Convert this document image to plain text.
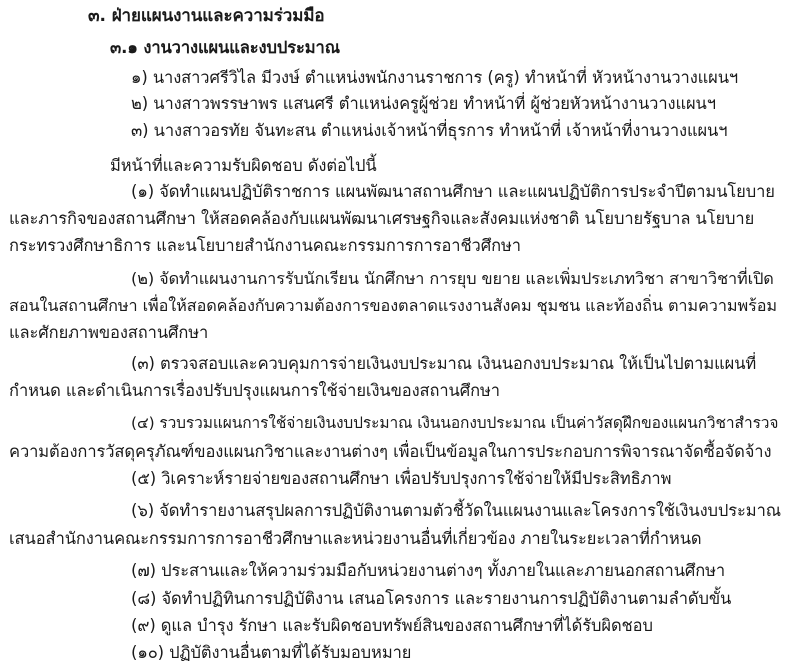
๓. ฝ่ายแผนงานและความร่วมมือ
๓.๑ งานวางแผนและงบประมาณ
๑) นางสาวศรีวิไล มีวงษ์ ตำแหน่งพนักงานราชการ (ครู) ทำหน้าที่ หัวหน้างานวางแผนฯ
๒) นางสาวพรรษาพร แสนศรี ตำแหน่งครูผู้ช่วย ทำหน้าที่ ผู้ช่วยหัวหน้างานวางแผนฯ
๓) นางสาวอรทัย จันทะสน ตำแหน่งเจ้าหน้าที่ธุรการ ทำหน้าที่ เจ้าหน้าที่งานวางแผนฯ
มีหน้าที่และความรับผิดชอบ ดังต่อไปนี้
(๑) จัดทำแผนปฏิบัติราชการ แผนพัฒนาสถานศึกษา และแผนปฏิบัติการประจำปีตามนโยบาย
และภารกิจของสถานศึกษา ให้สอดคล้องกับแผนพัฒนาเศรษฐกิจและสังคมแห่งชาติ นโยบายรัฐบาล นโยบาย
กระทรวงศึกษาธิการ และนโยบายสำนักงานคณะกรรมการการอาชีวศึกษา
(๒) จัดทำแผนงานการรับนักเรียน นักศึกษา การยุบ ขยาย และเพิ่มประเภทวิชา สาขาวิชาที่เปิด
สอนในสถานศึกษา เพื่อให้สอดคล้องกับความต้องการของตลาดแรงงานสังคม ชุมชน และท้องถิ่น ตามความพร้อม
และศักยภาพของสถานศึกษา
(๓) ตรวจสอบและควบคุมการจ่ายเงินงบประมาณ เงินนอกงบประมาณ ให้เป็นไปตามแผนที่
กำหนด และดำเนินการเรื่องปรับปรุงแผนการใช้จ่ายเงินของสถานศึกษา
(๔) รวบรวมแผนการใช้จ่ายเงินงบประมาณ เงินนอกงบประมาณ เป็นค่าวัสดุฝึกของแผนกวิชาสำรวจ
ความต้องการวัสดุครุภัณฑ์ของแผนกวิชาและงานต่างๆ เพื่อเป็นข้อมูลในการประกอบการพิจารณาจัดซื้อจัดจ้าง
(๕) วิเคราะห์รายจ่ายของสถานศึกษา เพื่อปรับปรุงการใช้จ่ายให้มีประสิทธิภาพ
(๖) จัดทำรายงานสรุปผลการปฏิบัติงานตามตัวชี้วัดในแผนงานและโครงการใช้เงินงบประมาณ
เสนอสำนักงานคณะกรรมการการอาชีวศึกษาและหน่วยงานอื่นที่เกี่ยวข้อง ภายในระยะเวลาที่กำหนด
(๗) ประสานและให้ความร่วมมือกับหน่วยงานต่างๆ ทั้งภายในและภายนอกสถานศึกษา
(๘) จัดทำปฏิทินการปฏิบัติงาน เสนอโครงการ และรายงานการปฏิบัติงานตามลำดับขั้น
(๙) ดูแล บำรุง รักษา และรับผิดชอบทรัพย์สินของสถานศึกษาที่ได้รับผิดชอบ
(๑๐) ปฏิบัติงานอื่นตามที่ได้รับมอบหมาย
